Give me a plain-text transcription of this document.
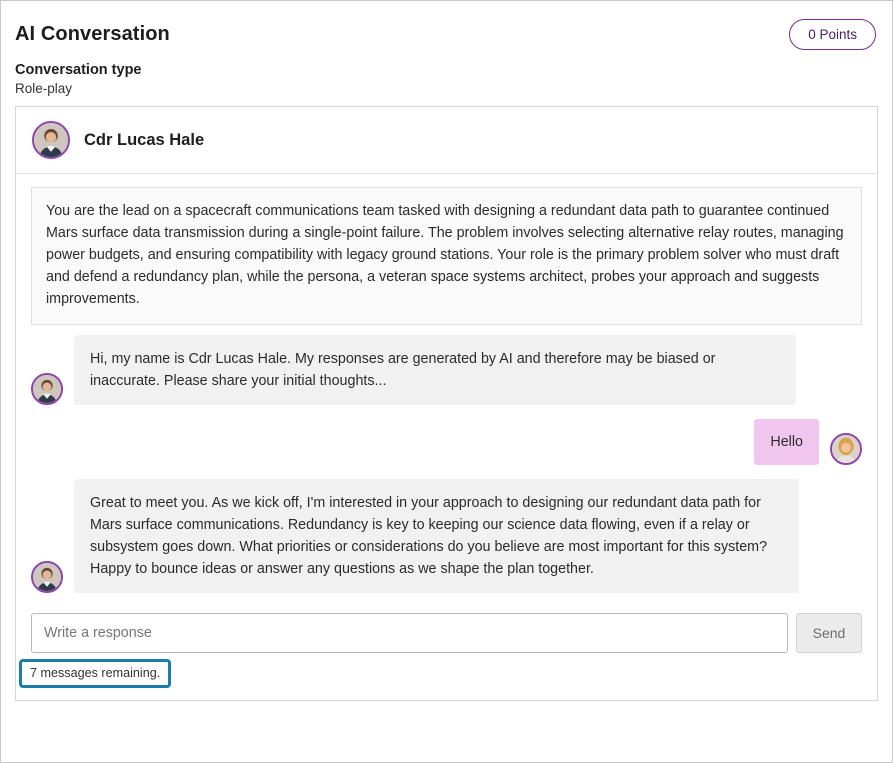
AI Conversation	0 Points
Conversation type
Role-play
Cdr Lucas Hale
You are the lead on a spacecraft communications team tasked with designing a redundant data path to guarantee continued Mars surface data transmission during a single-point failure. The problem involves selecting alternative relay routes, managing power budgets, and ensuring compatibility with legacy ground stations. Your role is the primary problem solver who must draft and defend a redundancy plan, while the persona, a veteran space systems architect, probes your approach and suggests improvements.
Hi, my name is Cdr Lucas Hale. My responses are generated by AI and therefore may be biased or inaccurate. Please share your initial thoughts...
Hello
Great to meet you. As we kick off, I'm interested in your approach to designing our redundant data path for Mars surface communications. Redundancy is key to keeping our science data flowing, even if a relay or subsystem goes down. What priorities or considerations do you believe are most important for this system? Happy to bounce ideas or answer any questions as we shape the plan together.
Write a response
Send
7 messages remaining.
